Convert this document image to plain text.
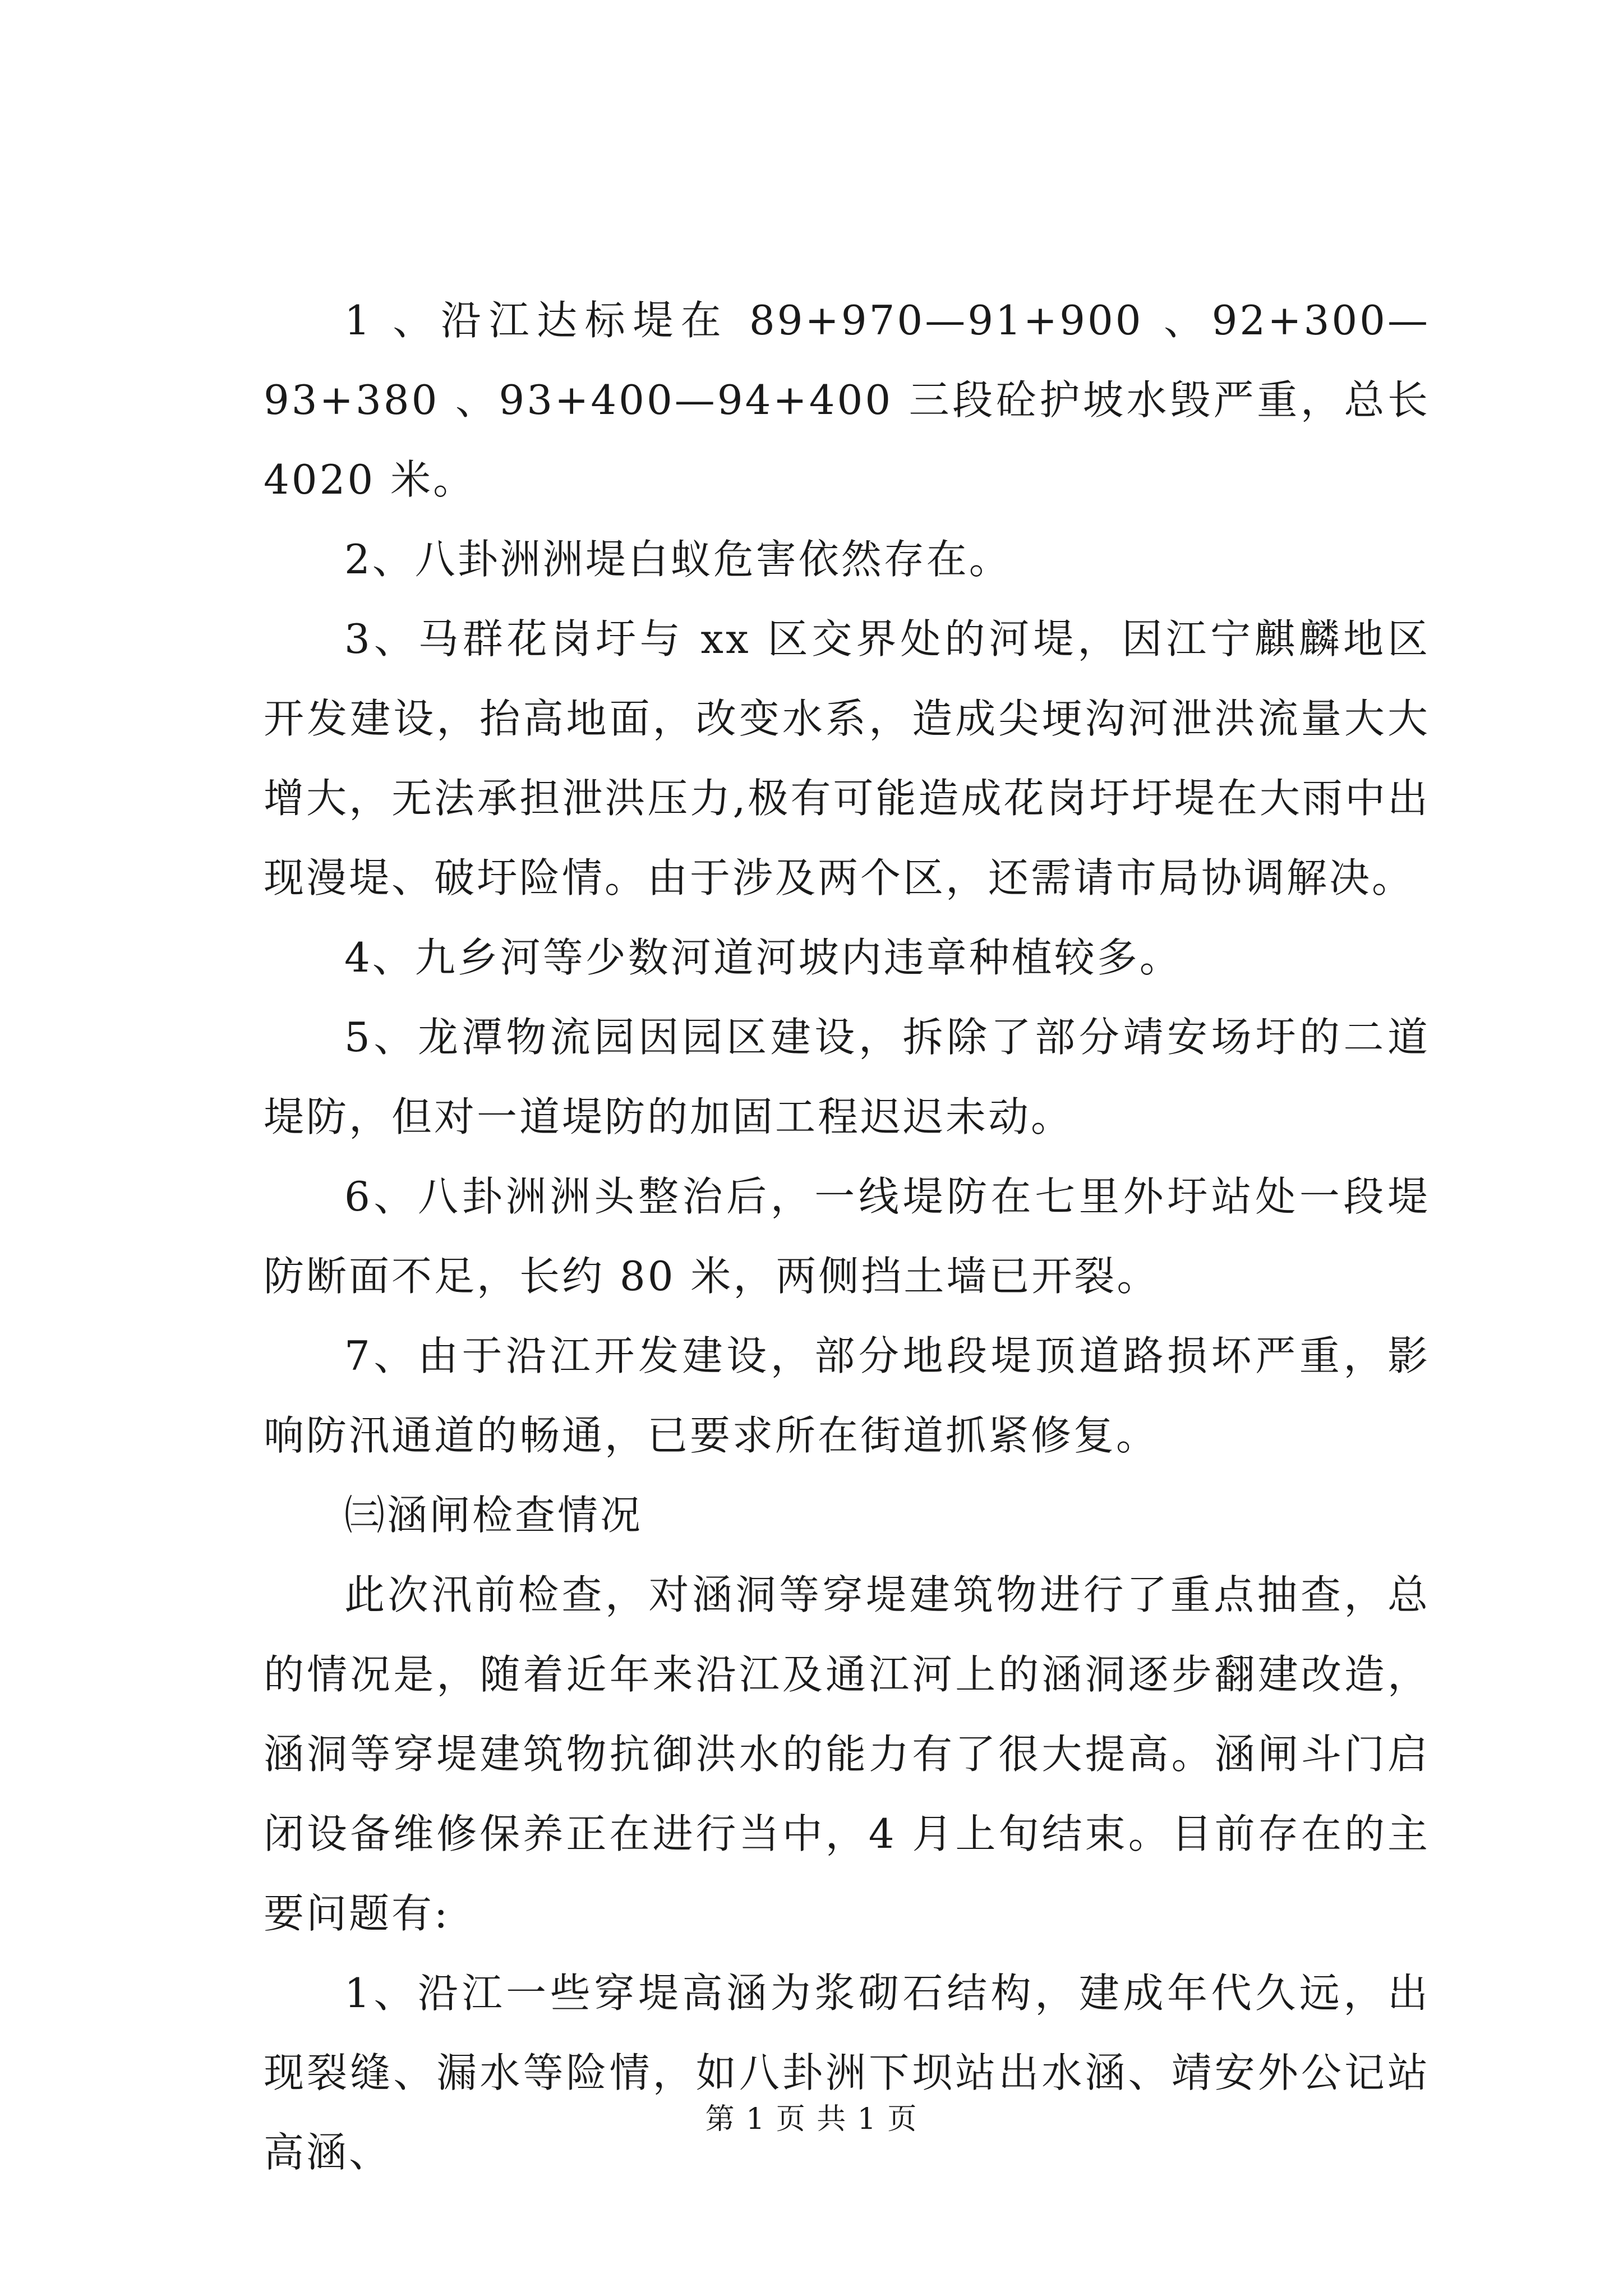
1 、沿江达标堤在 89+970—91+900 、92+300—93+380 、93+400—94+400 三段砼护坡水毁严重，总长 4020 米。

2、八卦洲洲堤白蚁危害依然存在。

3、马群花岗圩与 xx 区交界处的河堤，因江宁麒麟地区开发建设，抬高地面，改变水系，造成尖埂沟河泄洪流量大大增大，无法承担泄洪压力,极有可能造成花岗圩圩堤在大雨中出现漫堤、破圩险情。由于涉及两个区，还需请市局协调解决。

4、九乡河等少数河道河坡内违章种植较多。

5、龙潭物流园因园区建设，拆除了部分靖安场圩的二道堤防，但对一道堤防的加固工程迟迟未动。

6、八卦洲洲头整治后，一线堤防在七里外圩站处一段堤防断面不足，长约 80 米，两侧挡土墙已开裂。

7、由于沿江开发建设，部分地段堤顶道路损坏严重，影响防汛通道的畅通，已要求所在街道抓紧修复。

㈢涵闸检查情况

此次汛前检查，对涵洞等穿堤建筑物进行了重点抽查，总的情况是，随着近年来沿江及通江河上的涵洞逐步翻建改造，涵洞等穿堤建筑物抗御洪水的能力有了很大提高。涵闸斗门启闭设备维修保养正在进行当中，4 月上旬结束。目前存在的主要问题有:

1、沿江一些穿堤高涵为浆砌石结构，建成年代久远，出现裂缝、漏水等险情，如八卦洲下坝站出水涵、靖安外公记站高涵、

第 1 页 共 1 页
